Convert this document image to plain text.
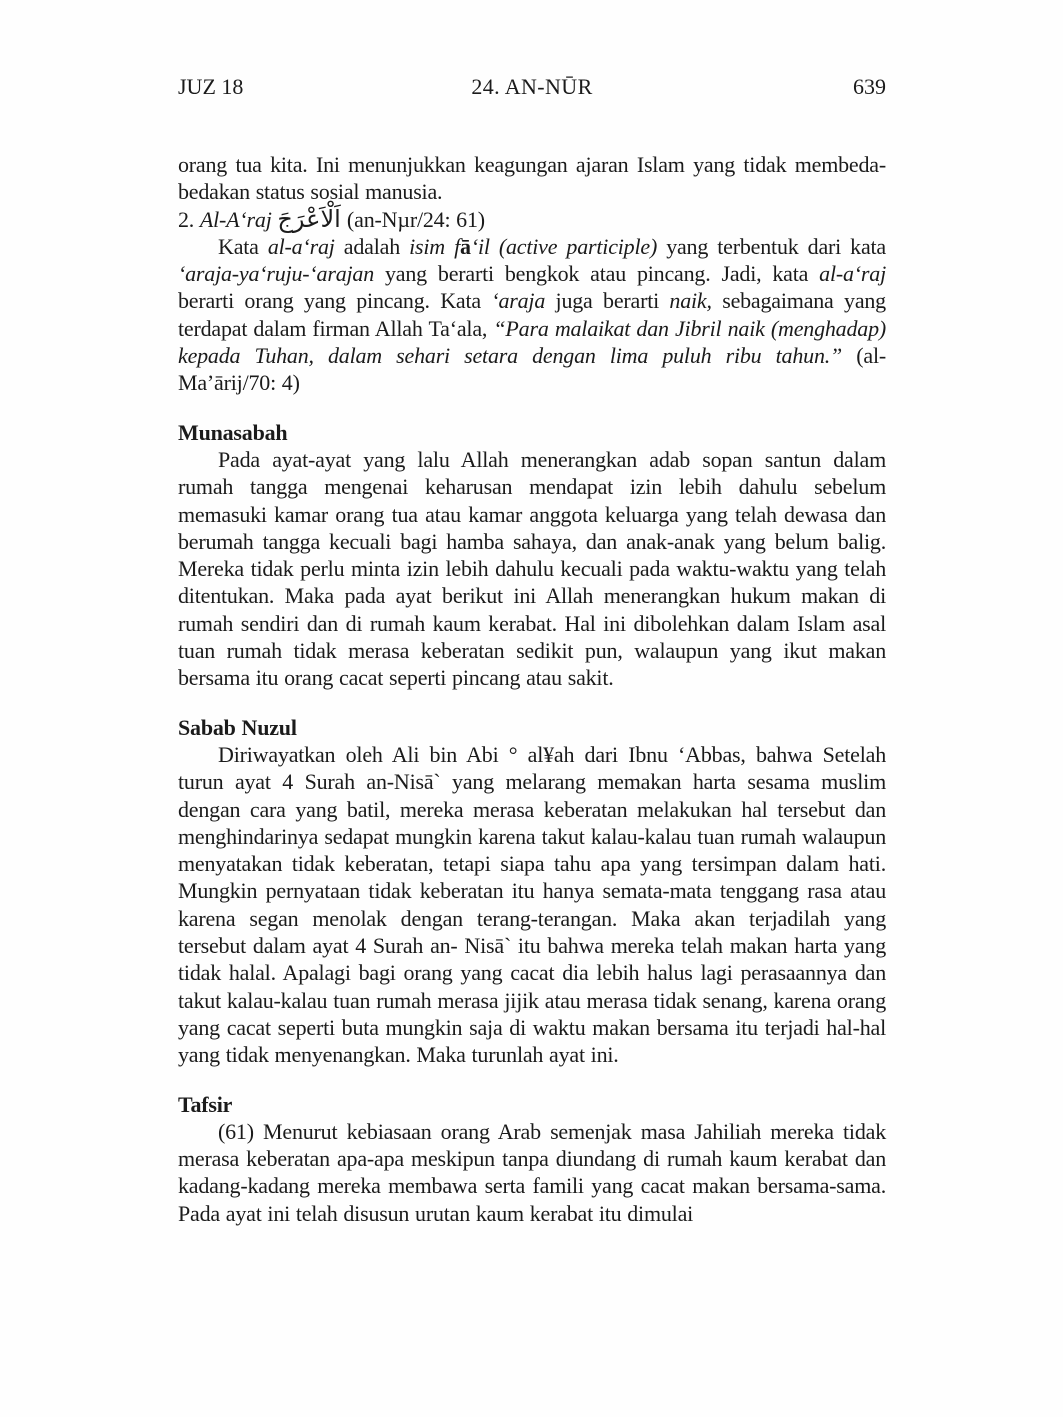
JUZ 18	24. AN-NŪR	639

orang tua kita. Ini menunjukkan keagungan ajaran Islam yang tidak membeda-bedakan status sosial manusia.

2. Al-A‘raj اَلْاَعْرَجَ (an-Nµr/24: 61)

Kata al-a‘raj adalah isim fā‘il (active participle) yang terbentuk dari kata ‘araja-ya‘ruju-‘arajan yang berarti bengkok atau pincang. Jadi, kata al-a‘raj berarti orang yang pincang. Kata ‘araja juga berarti naik, sebagaimana yang terdapat dalam firman Allah Ta‘ala, “Para malaikat dan Jibril naik (menghadap) kepada Tuhan, dalam sehari setara dengan lima puluh ribu tahun.” (al-Ma’ārij/70: 4)

Munasabah

Pada ayat-ayat yang lalu Allah menerangkan adab sopan santun dalam rumah tangga mengenai keharusan mendapat izin lebih dahulu sebelum memasuki kamar orang tua atau kamar anggota keluarga yang telah dewasa dan berumah tangga kecuali bagi hamba sahaya, dan anak-anak yang belum balig. Mereka tidak perlu minta izin lebih dahulu kecuali pada waktu-waktu yang telah ditentukan. Maka pada ayat berikut ini Allah menerangkan hukum makan di rumah sendiri dan di rumah kaum kerabat. Hal ini dibolehkan dalam Islam asal tuan rumah tidak merasa keberatan sedikit pun, walaupun yang ikut makan bersama itu orang cacat seperti pincang atau sakit.

Sabab Nuzul

Diriwayatkan oleh Ali bin Abi ° al¥ah dari Ibnu ‘Abbas, bahwa Setelah turun ayat 4 Surah an-Nisā` yang melarang memakan harta sesama muslim dengan cara yang batil, mereka merasa keberatan melakukan hal tersebut dan menghindarinya sedapat mungkin karena takut kalau-kalau tuan rumah walaupun menyatakan tidak keberatan, tetapi siapa tahu apa yang tersimpan dalam hati. Mungkin pernyataan tidak keberatan itu hanya semata-mata tenggang rasa atau karena segan menolak dengan terang-terangan. Maka akan terjadilah yang tersebut dalam ayat 4 Surah an- Nisā` itu bahwa mereka telah makan harta yang tidak halal. Apalagi bagi orang yang cacat dia lebih halus lagi perasaannya dan takut kalau-kalau tuan rumah merasa jijik atau merasa tidak senang, karena orang yang cacat seperti buta mungkin saja di waktu makan bersama itu terjadi hal-hal yang tidak menyenangkan. Maka turunlah ayat ini.

Tafsir

(61) Menurut kebiasaan orang Arab semenjak masa Jahiliah mereka tidak merasa keberatan apa-apa meskipun tanpa diundang di rumah kaum kerabat dan kadang-kadang mereka membawa serta famili yang cacat makan bersama-sama. Pada ayat ini telah disusun urutan kaum kerabat itu dimulai
